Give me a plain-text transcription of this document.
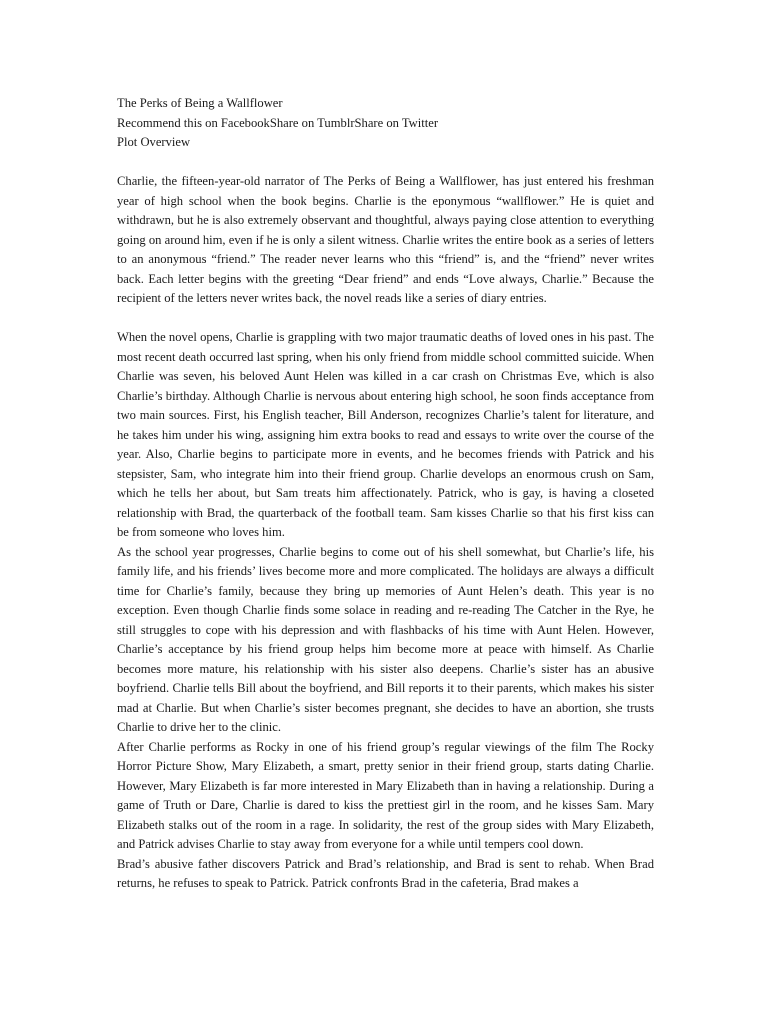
The Perks of Being a Wallflower
Recommend this on FacebookShare on TumblrShare on Twitter
Plot Overview

Charlie, the fifteen-year-old narrator of The Perks of Being a Wallflower, has just entered his freshman year of high school when the book begins. Charlie is the eponymous “wallflower.” He is quiet and withdrawn, but he is also extremely observant and thoughtful, always paying close attention to everything going on around him, even if he is only a silent witness. Charlie writes the entire book as a series of letters to an anonymous “friend.” The reader never learns who this “friend” is, and the “friend” never writes back. Each letter begins with the greeting “Dear friend” and ends “Love always, Charlie.” Because the recipient of the letters never writes back, the novel reads like a series of diary entries.

When the novel opens, Charlie is grappling with two major traumatic deaths of loved ones in his past. The most recent death occurred last spring, when his only friend from middle school committed suicide. When Charlie was seven, his beloved Aunt Helen was killed in a car crash on Christmas Eve, which is also Charlie’s birthday. Although Charlie is nervous about entering high school, he soon finds acceptance from two main sources. First, his English teacher, Bill Anderson, recognizes Charlie’s talent for literature, and he takes him under his wing, assigning him extra books to read and essays to write over the course of the year. Also, Charlie begins to participate more in events, and he becomes friends with Patrick and his stepsister, Sam, who integrate him into their friend group. Charlie develops an enormous crush on Sam, which he tells her about, but Sam treats him affectionately. Patrick, who is gay, is having a closeted relationship with Brad, the quarterback of the football team. Sam kisses Charlie so that his first kiss can be from someone who loves him.

As the school year progresses, Charlie begins to come out of his shell somewhat, but Charlie’s life, his family life, and his friends’ lives become more and more complicated. The holidays are always a difficult time for Charlie’s family, because they bring up memories of Aunt Helen’s death. This year is no exception. Even though Charlie finds some solace in reading and re-reading The Catcher in the Rye, he still struggles to cope with his depression and with flashbacks of his time with Aunt Helen. However, Charlie’s acceptance by his friend group helps him become more at peace with himself. As Charlie becomes more mature, his relationship with his sister also deepens. Charlie’s sister has an abusive boyfriend. Charlie tells Bill about the boyfriend, and Bill reports it to their parents, which makes his sister mad at Charlie. But when Charlie’s sister becomes pregnant, she decides to have an abortion, she trusts Charlie to drive her to the clinic.

After Charlie performs as Rocky in one of his friend group’s regular viewings of the film The Rocky Horror Picture Show, Mary Elizabeth, a smart, pretty senior in their friend group, starts dating Charlie. However, Mary Elizabeth is far more interested in Mary Elizabeth than in having a relationship. During a game of Truth or Dare, Charlie is dared to kiss the prettiest girl in the room, and he kisses Sam. Mary Elizabeth stalks out of the room in a rage. In solidarity, the rest of the group sides with Mary Elizabeth, and Patrick advises Charlie to stay away from everyone for a while until tempers cool down.

Brad’s abusive father discovers Patrick and Brad’s relationship, and Brad is sent to rehab. When Brad returns, he refuses to speak to Patrick. Patrick confronts Brad in the cafeteria, Brad makes a
